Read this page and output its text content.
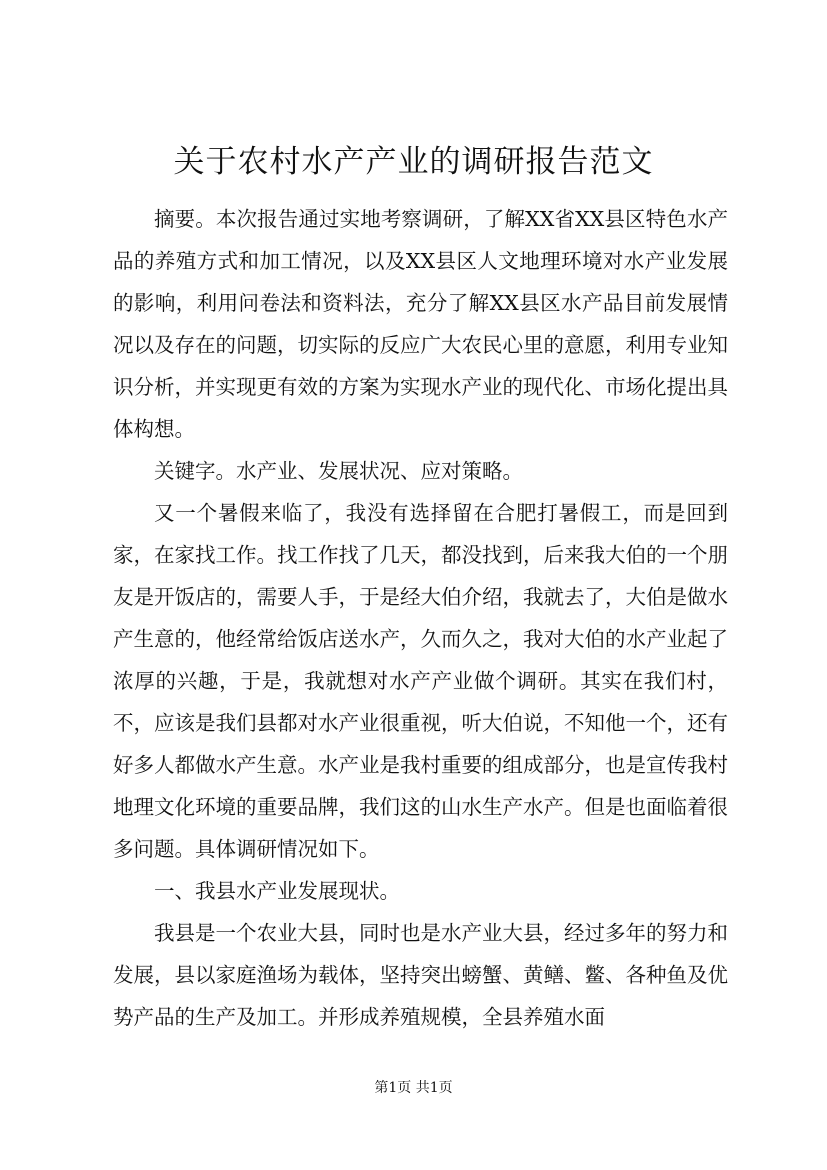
关于农村水产产业的调研报告范文

摘要。本次报告通过实地考察调研，了解XX省XX县区特色水产品的养殖方式和加工情况，以及XX县区人文地理环境对水产业发展的影响，利用问卷法和资料法，充分了解XX县区水产品目前发展情况以及存在的问题，切实际的反应广大农民心里的意愿，利用专业知识分析，并实现更有效的方案为实现水产业的现代化、市场化提出具体构想。

关键字。水产业、发展状况、应对策略。

又一个暑假来临了，我没有选择留在合肥打暑假工，而是回到家，在家找工作。找工作找了几天，都没找到，后来我大伯的一个朋友是开饭店的，需要人手，于是经大伯介绍，我就去了，大伯是做水产生意的，他经常给饭店送水产，久而久之，我对大伯的水产业起了浓厚的兴趣，于是，我就想对水产产业做个调研。其实在我们村，不，应该是我们县都对水产业很重视，听大伯说，不知他一个，还有好多人都做水产生意。水产业是我村重要的组成部分，也是宣传我村地理文化环境的重要品牌，我们这的山水生产水产。但是也面临着很多问题。具体调研情况如下。

一、我县水产业发展现状。

我县是一个农业大县，同时也是水产业大县，经过多年的努力和发展，县以家庭渔场为载体，坚持突出螃蟹、黄鳝、鳖、各种鱼及优势产品的生产及加工。并形成养殖规模，全县养殖水面

第1页 共1页
